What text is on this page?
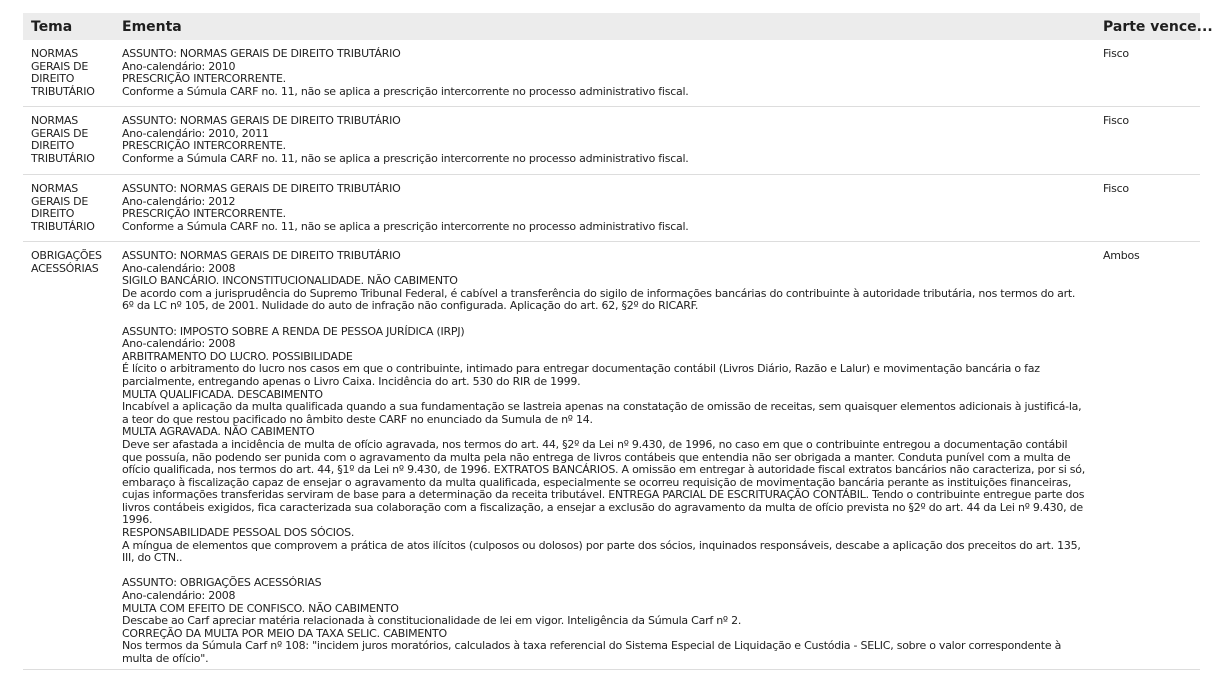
Tema	Ementa	Parte vence...
NORMAS GERAIS DE DIREITO TRIBUTÁRIO
ASSUNTO: NORMAS GERAIS DE DIREITO TRIBUTÁRIO
Ano-calendário: 2010
PRESCRIÇÃO INTERCORRENTE.
Conforme a Súmula CARF no. 11, não se aplica a prescrição intercorrente no processo administrativo fiscal.
Fisco
NORMAS GERAIS DE DIREITO TRIBUTÁRIO
ASSUNTO: NORMAS GERAIS DE DIREITO TRIBUTÁRIO
Ano-calendário: 2010, 2011
PRESCRIÇÃO INTERCORRENTE.
Conforme a Súmula CARF no. 11, não se aplica a prescrição intercorrente no processo administrativo fiscal.
Fisco
NORMAS GERAIS DE DIREITO TRIBUTÁRIO
ASSUNTO: NORMAS GERAIS DE DIREITO TRIBUTÁRIO
Ano-calendário: 2012
PRESCRIÇÃO INTERCORRENTE.
Conforme a Súmula CARF no. 11, não se aplica a prescrição intercorrente no processo administrativo fiscal.
Fisco
OBRIGAÇÕES ACESSÓRIAS
ASSUNTO: NORMAS GERAIS DE DIREITO TRIBUTÁRIO
Ano-calendário: 2008
SIGILO BANCÁRIO. INCONSTITUCIONALIDADE. NÃO CABIMENTO
De acordo com a jurisprudência do Supremo Tribunal Federal, é cabível a transferência do sigilo de informações bancárias do contribuinte à autoridade tributária, nos termos do art. 6º da LC nº 105, de 2001. Nulidade do auto de infração não configurada. Aplicação do art. 62, §2º do RICARF.
ASSUNTO: IMPOSTO SOBRE A RENDA DE PESSOA JURÍDICA (IRPJ)
Ano-calendário: 2008
ARBITRAMENTO DO LUCRO. POSSIBILIDADE
É lícito o arbitramento do lucro nos casos em que o contribuinte, intimado para entregar documentação contábil (Livros Diário, Razão e Lalur) e movimentação bancária o faz parcialmente, entregando apenas o Livro Caixa. Incidência do art. 530 do RIR de 1999.
MULTA QUALIFICADA. DESCABIMENTO
Incabível a aplicação da multa qualificada quando a sua fundamentação se lastreia apenas na constatação de omissão de receitas, sem quaisquer elementos adicionais à justificá-la, a teor do que restou pacificado no âmbito deste CARF no enunciado da Sumula de nº 14.
MULTA AGRAVADA. NÃO CABIMENTO
Deve ser afastada a incidência de multa de ofício agravada, nos termos do art. 44, §2º da Lei nº 9.430, de 1996, no caso em que o contribuinte entregou a documentação contábil que possuía, não podendo ser punida com o agravamento da multa pela não entrega de livros contábeis que entendia não ser obrigada a manter. Conduta punível com a multa de ofício qualificada, nos termos do art. 44, §1º da Lei nº 9.430, de 1996. EXTRATOS BANCÁRIOS. A omissão em entregar à autoridade fiscal extratos bancários não caracteriza, por si só, embaraço à fiscalização capaz de ensejar o agravamento da multa qualificada, especialmente se ocorreu requisição de movimentação bancária perante as instituições financeiras, cujas informações transferidas serviram de base para a determinação da receita tributável. ENTREGA PARCIAL DE ESCRITURAÇÃO CONTÁBIL. Tendo o contribuinte entregue parte dos livros contábeis exigidos, fica caracterizada sua colaboração com a fiscalização, a ensejar a exclusão do agravamento da multa de ofício prevista no §2º do art. 44 da Lei nº 9.430, de 1996.
RESPONSABILIDADE PESSOAL DOS SÓCIOS.
A míngua de elementos que comprovem a prática de atos ilícitos (culposos ou dolosos) por parte dos sócios, inquinados responsáveis, descabe a aplicação dos preceitos do art. 135, III, do CTN..
ASSUNTO: OBRIGAÇÕES ACESSÓRIAS
Ano-calendário: 2008
MULTA COM EFEITO DE CONFISCO. NÃO CABIMENTO
Descabe ao Carf apreciar matéria relacionada à constitucionalidade de lei em vigor. Inteligência da Súmula Carf nº 2.
CORREÇÃO DA MULTA POR MEIO DA TAXA SELIC. CABIMENTO
Nos termos da Súmula Carf nº 108: "incidem juros moratórios, calculados à taxa referencial do Sistema Especial de Liquidação e Custódia - SELIC, sobre o valor correspondente à multa de ofício".
Ambos
